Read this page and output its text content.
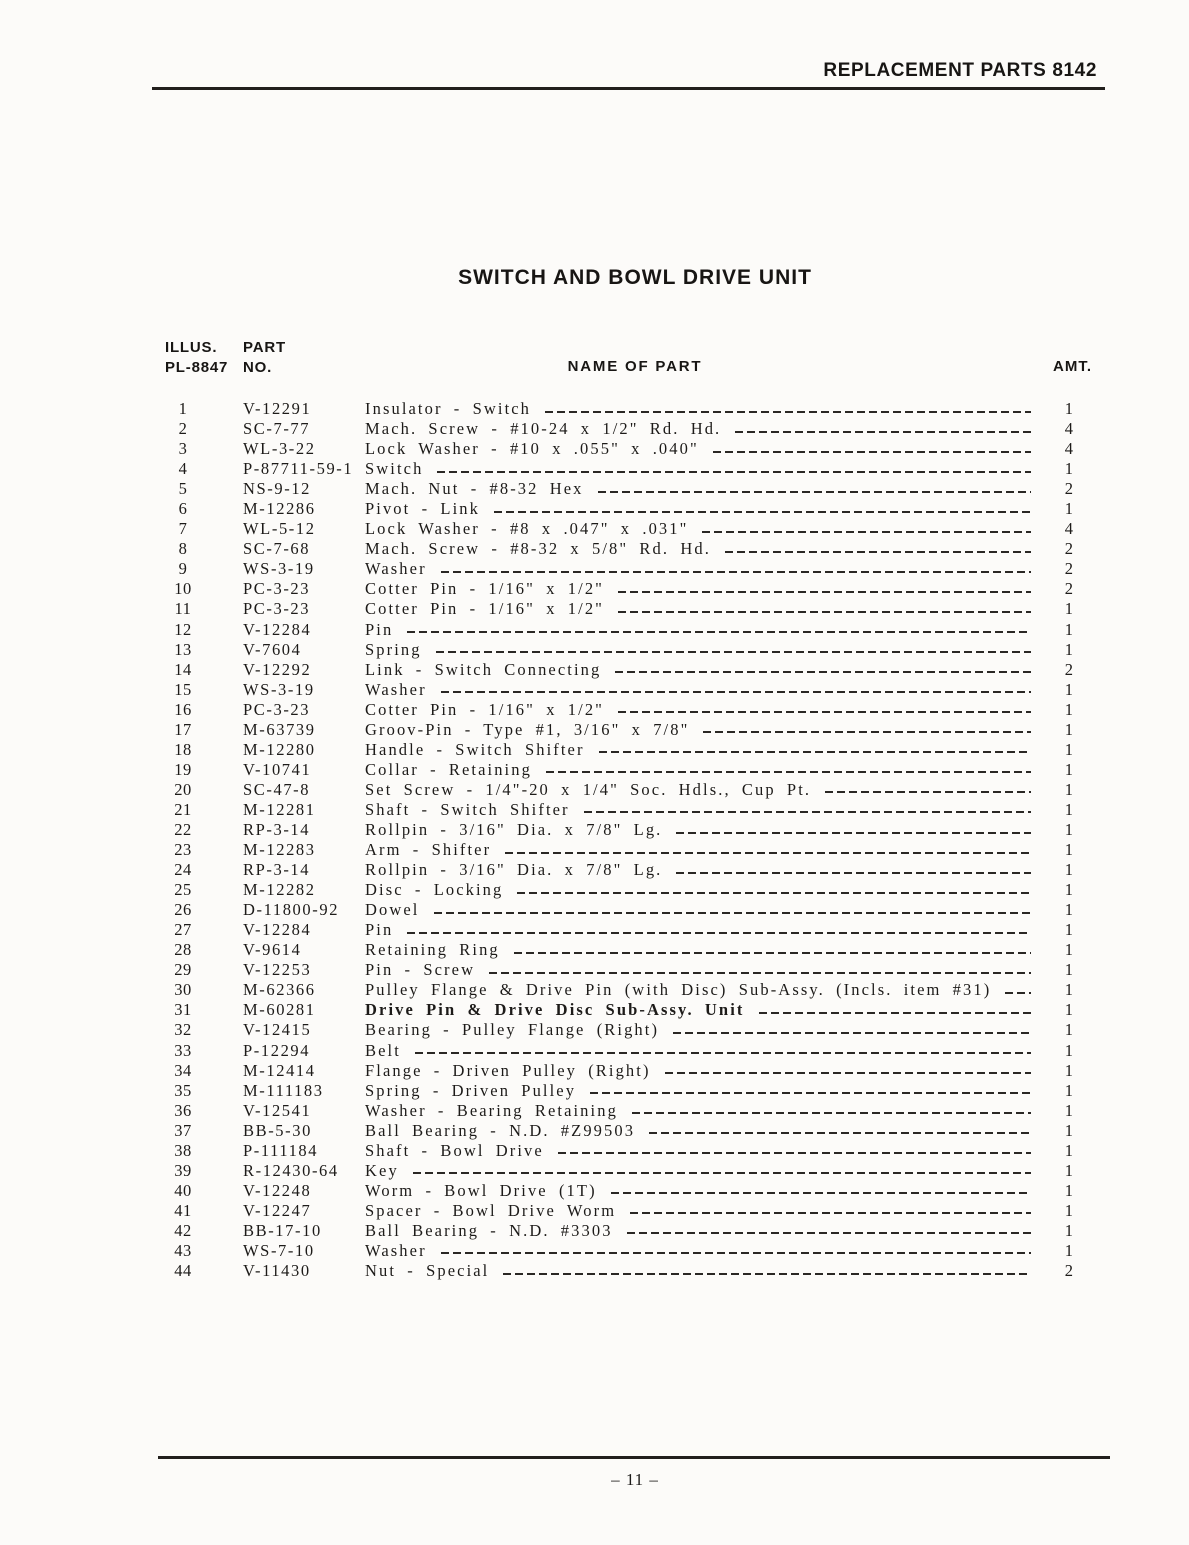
REPLACEMENT PARTS 8142
SWITCH AND BOWL DRIVE UNIT
ILLUS.
PL-8847
PART
NO.	NAME OF PART	AMT.
1	V-12291	Insulator - Switch	1
2	SC-7-77	Mach. Screw - #10-24 x 1/2" Rd. Hd.	4
3	WL-3-22	Lock Washer - #10 x .055" x .040"	4
4	P-87711-59-1 Switch	1
5	NS-9-12	Mach. Nut - #8-32 Hex	2
6	M-12286	Pivot - Link	1
7	WL-5-12	Lock Washer - #8 x .047" x .031"	4
8	SC-7-68	Mach. Screw - #8-32 x 5/8" Rd. Hd.	2
9	WS-3-19	Washer	2
10	PC-3-23	Cotter Pin - 1/16" x 1/2"	2
11	PC-3-23	Cotter Pin - 1/16" x 1/2"	1
12	V-12284	Pin	1
13	V-7604	Spring	1
14	V-12292	Link - Switch Connecting	2
15	WS-3-19	Washer	1
16	PC-3-23	Cotter Pin - 1/16" x 1/2"	1
17	M-63739	Groov-Pin - Type #1, 3/16" x 7/8"	1
18	M-12280	Handle - Switch Shifter	1
19	V-10741	Collar - Retaining	1
20	SC-47-8	Set Screw - 1/4"-20 x 1/4" Soc. Hdls., Cup Pt.	1
21	M-12281	Shaft - Switch Shifter	1
22	RP-3-14	Rollpin - 3/16" Dia. x 7/8" Lg.	1
23	M-12283	Arm - Shifter	1
24	RP-3-14	Rollpin - 3/16" Dia. x 7/8" Lg.	1
25	M-12282	Disc - Locking	1
26	D-11800-92	Dowel	1
27	V-12284	Pin	1
28	V-9614	Retaining Ring	1
29	V-12253	Pin - Screw	1
30	M-62366	Pulley Flange & Drive Pin (with Disc) Sub-Assy. (Incls. item #31)	1
31	M-60281	Drive Pin & Drive Disc Sub-Assy. Unit	1
32	V-12415	Bearing - Pulley Flange (Right)	1
33	P-12294	Belt	1
34	M-12414	Flange - Driven Pulley (Right)	1
35	M-111183	Spring - Driven Pulley	1
36	V-12541	Washer - Bearing Retaining	1
37	BB-5-30	Ball Bearing - N.D. #Z99503	1
38	P-111184	Shaft - Bowl Drive	1
39	R-12430-64	Key	1
40	V-12248	Worm - Bowl Drive (1T)	1
41	V-12247	Spacer - Bowl Drive Worm	1
42	BB-17-10	Ball Bearing - N.D. #3303	1
43	WS-7-10	Washer	1
44	V-11430	Nut - Special	2
– 11 –
